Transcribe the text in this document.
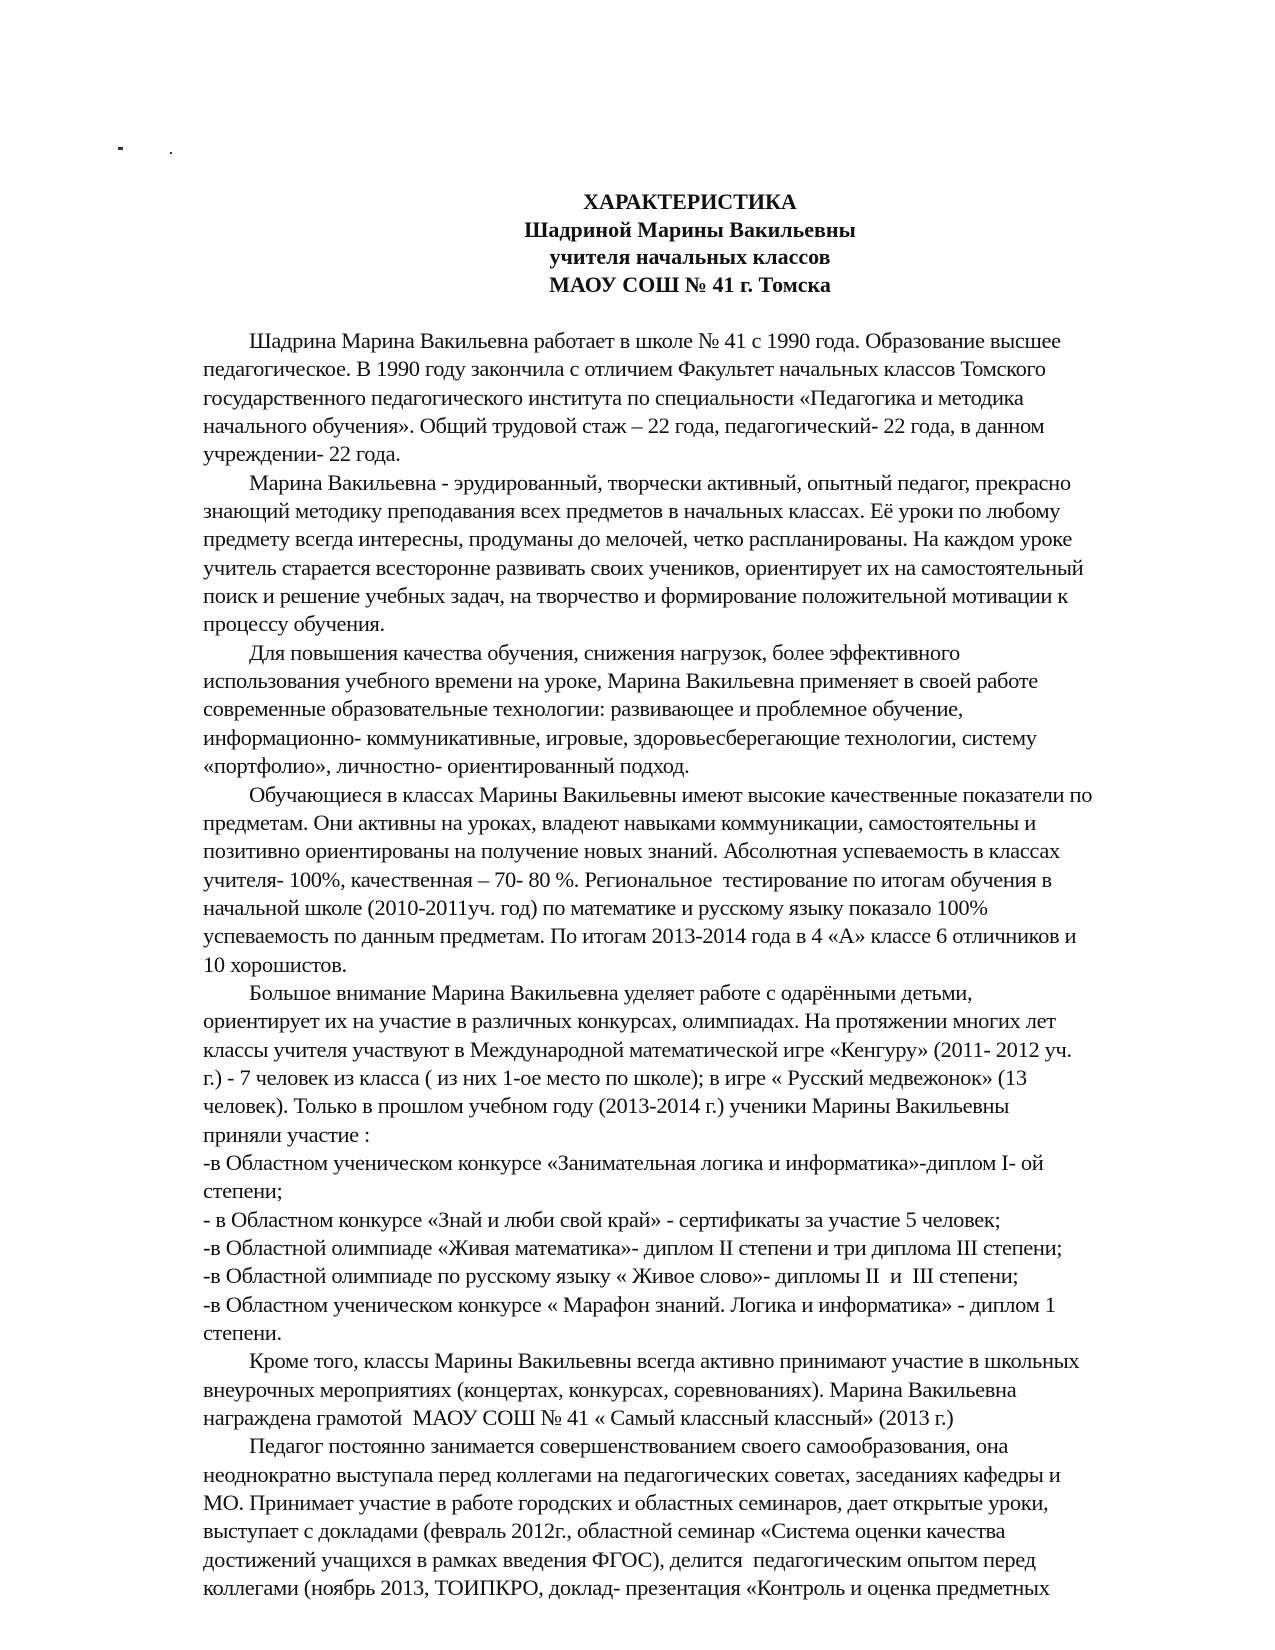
ХАРАКТЕРИСТИКА
Шадриной Марины Вакильевны
учителя начальных классов
МАОУ СОШ № 41 г. Томска
Шадрина Марина Вакильевна работает в школе № 41 с 1990 года. Образование высшее
педагогическое. В 1990 году закончила с отличием Факультет начальных классов Томского
государственного педагогического института по специальности «Педагогика и методика
начального обучения». Общий трудовой стаж – 22 года, педагогический- 22 года, в данном
учреждении- 22 года.
Марина Вакильевна - эрудированный, творчески активный, опытный педагог, прекрасно
знающий методику преподавания всех предметов в начальных классах. Её уроки по любому
предмету всегда интересны, продуманы до мелочей, четко распланированы. На каждом уроке
учитель старается всесторонне развивать своих учеников, ориентирует их на самостоятельный
поиск и решение учебных задач, на творчество и формирование положительной мотивации к
процессу обучения.
Для повышения качества обучения, снижения нагрузок, более эффективного
использования учебного времени на уроке, Марина Вакильевна применяет в своей работе
современные образовательные технологии: развивающее и проблемное обучение,
информационно- коммуникативные, игровые, здоровьесберегающие технологии, систему
«портфолио», личностно- ориентированный подход.
Обучающиеся в классах Марины Вакильевны имеют высокие качественные показатели по
предметам. Они активны на уроках, владеют навыками коммуникации, самостоятельны и
позитивно ориентированы на получение новых знаний. Абсолютная успеваемость в классах
учителя- 100%, качественная – 70- 80 %. Региональное  тестирование по итогам обучения в
начальной школе (2010-2011уч. год) по математике и русскому языку показало 100%
успеваемость по данным предметам. По итогам 2013-2014 года в 4 «А» классе 6 отличников и
10 хорошистов.
Большое внимание Марина Вакильевна уделяет работе с одарёнными детьми,
ориентирует их на участие в различных конкурсах, олимпиадах. На протяжении многих лет
классы учителя участвуют в Международной математической игре «Кенгуру» (2011- 2012 уч.
г.) - 7 человек из класса ( из них 1-ое место по школе); в игре « Русский медвежонок» (13
человек). Только в прошлом учебном году (2013-2014 г.) ученики Марины Вакильевны
приняли участие :
-в Областном ученическом конкурсе «Занимательная логика и информатика»-диплом I- ой
степени;
- в Областном конкурсе «Знай и люби свой край» - сертификаты за участие 5 человек;
-в Областной олимпиаде «Живая математика»- диплом II степени и три диплома III степени;
-в Областной олимпиаде по русскому языку « Живое слово»- дипломы II  и  III степени;
-в Областном ученическом конкурсе « Марафон знаний. Логика и информатика» - диплом 1
степени.
Кроме того, классы Марины Вакильевны всегда активно принимают участие в школьных
внеурочных мероприятиях (концертах, конкурсах, соревнованиях). Марина Вакильевна
награждена грамотой  МАОУ СОШ № 41 « Самый классный классный» (2013 г.)
Педагог постоянно занимается совершенствованием своего самообразования, она
неоднократно выступала перед коллегами на педагогических советах, заседаниях кафедры и
МО. Принимает участие в работе городских и областных семинаров, дает открытые уроки,
выступает с докладами (февраль 2012г., областной семинар «Система оценки качества
достижений учащихся в рамках введения ФГОС), делится  педагогическим опытом перед
коллегами (ноябрь 2013, ТОИПКРО, доклад- презентация «Контроль и оценка предметных
